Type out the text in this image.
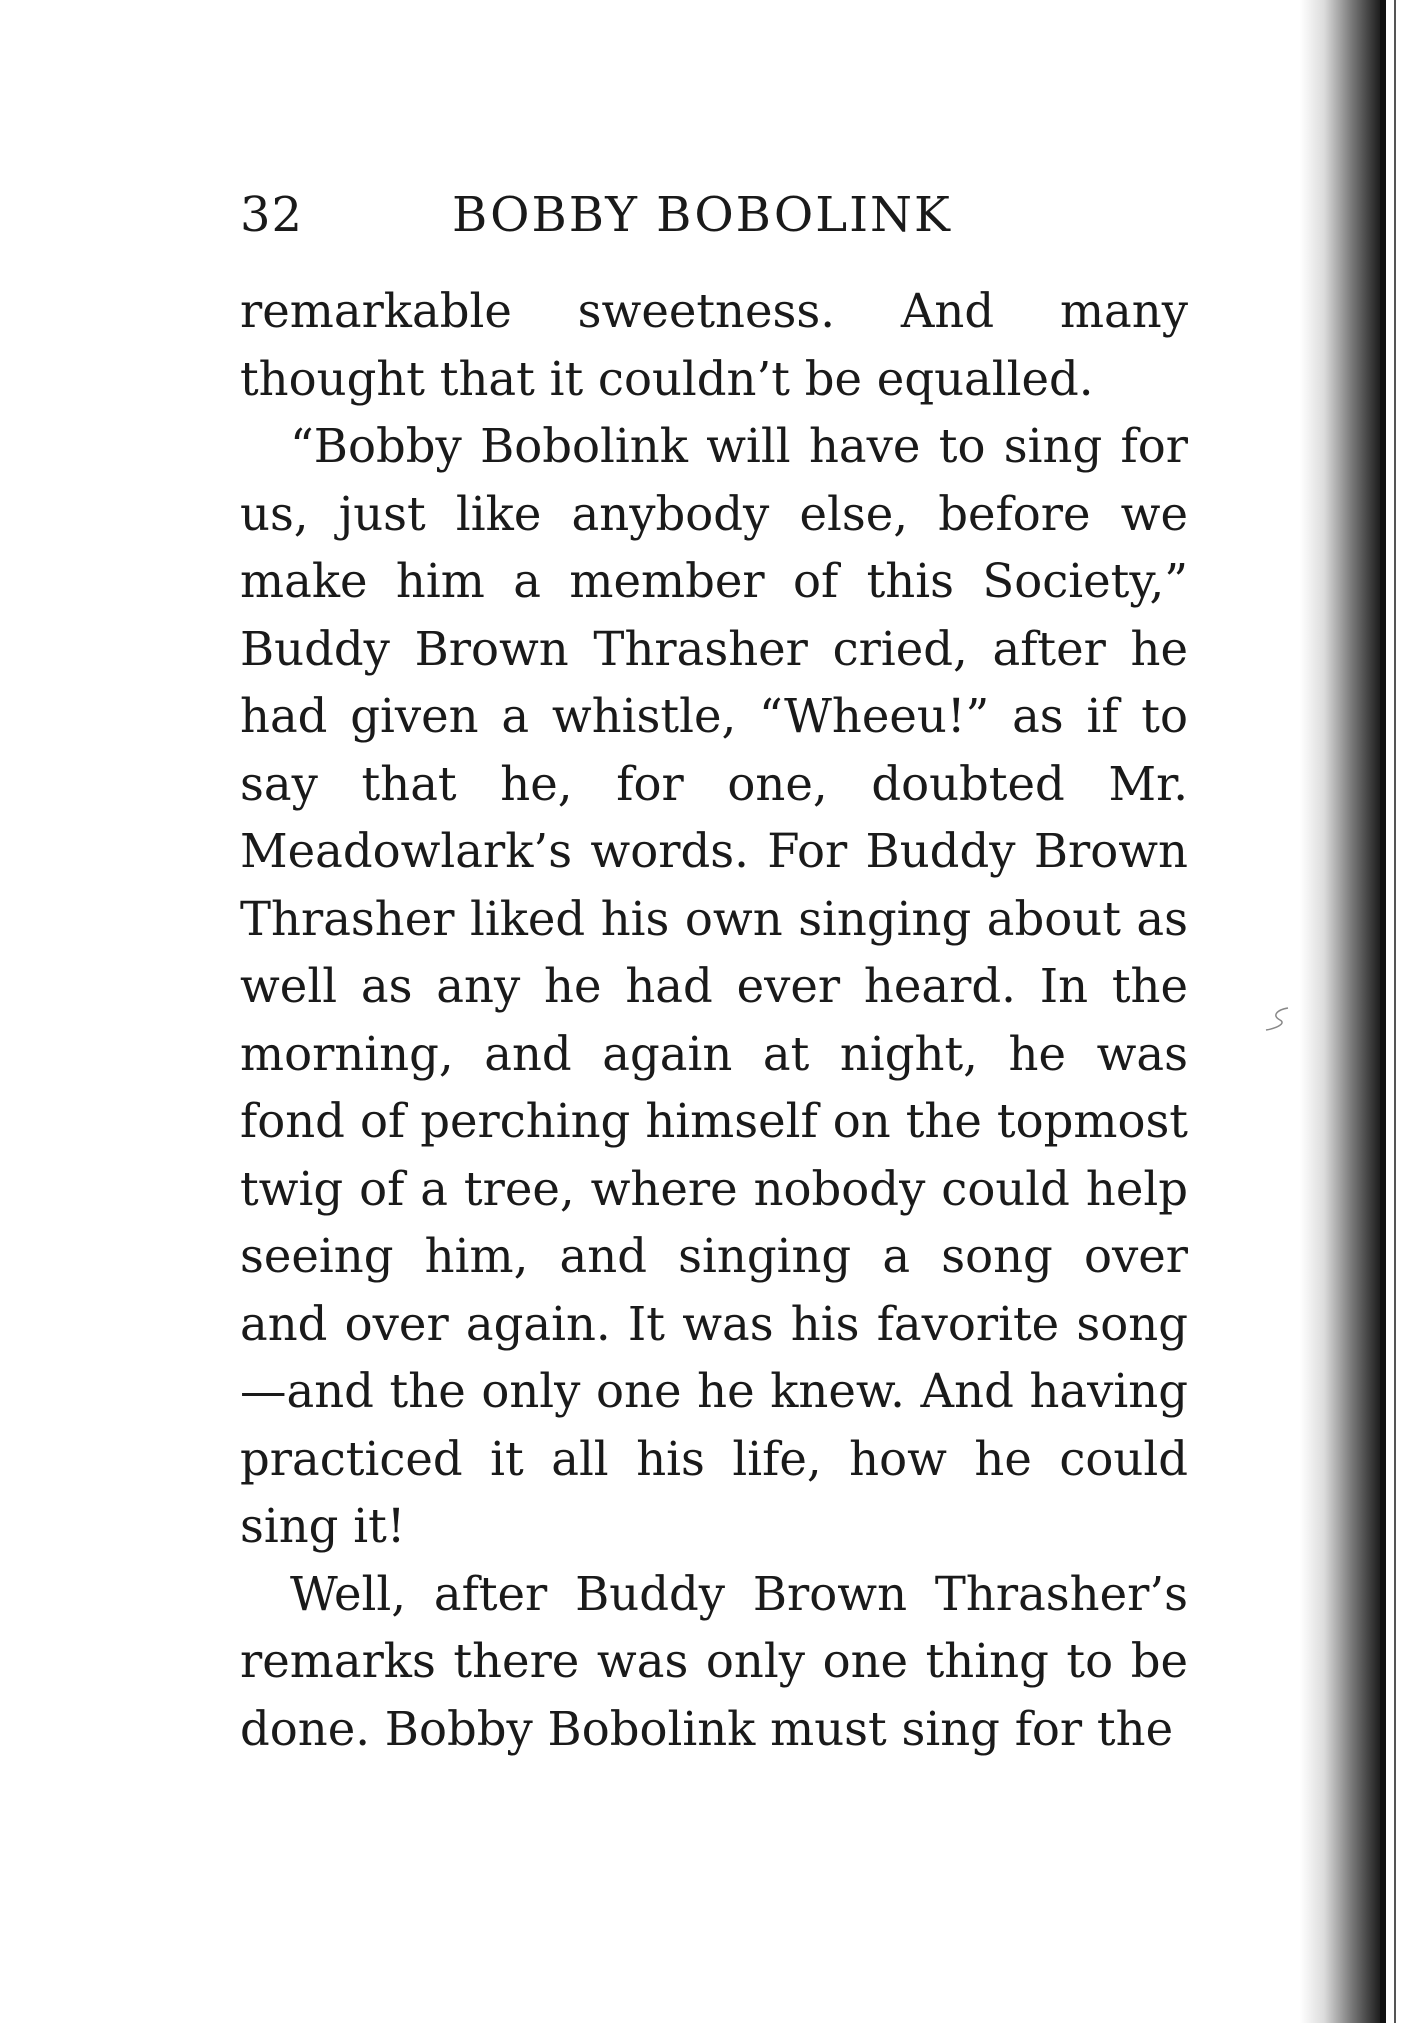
32	BOBBY BOBOLINK

remarkable sweetness. And many thought that it couldn’t be equalled.

“Bobby Bobolink will have to sing for us, just like anybody else, before we make him a member of this Society,” Buddy Brown Thrasher cried, after he had given a whistle, “Wheeu!” as if to say that he, for one, doubted Mr. Meadowlark’s words. For Buddy Brown Thrasher liked his own singing about as well as any he had ever heard. In the morning, and again at night, he was fond of perching himself on the topmost twig of a tree, where nobody could help seeing him, and singing a song over and over again. It was his favorite song—and the only one he knew. And having practiced it all his life, how he could sing it!

Well, after Buddy Brown Thrasher’s remarks there was only one thing to be done. Bobby Bobolink must sing for the
